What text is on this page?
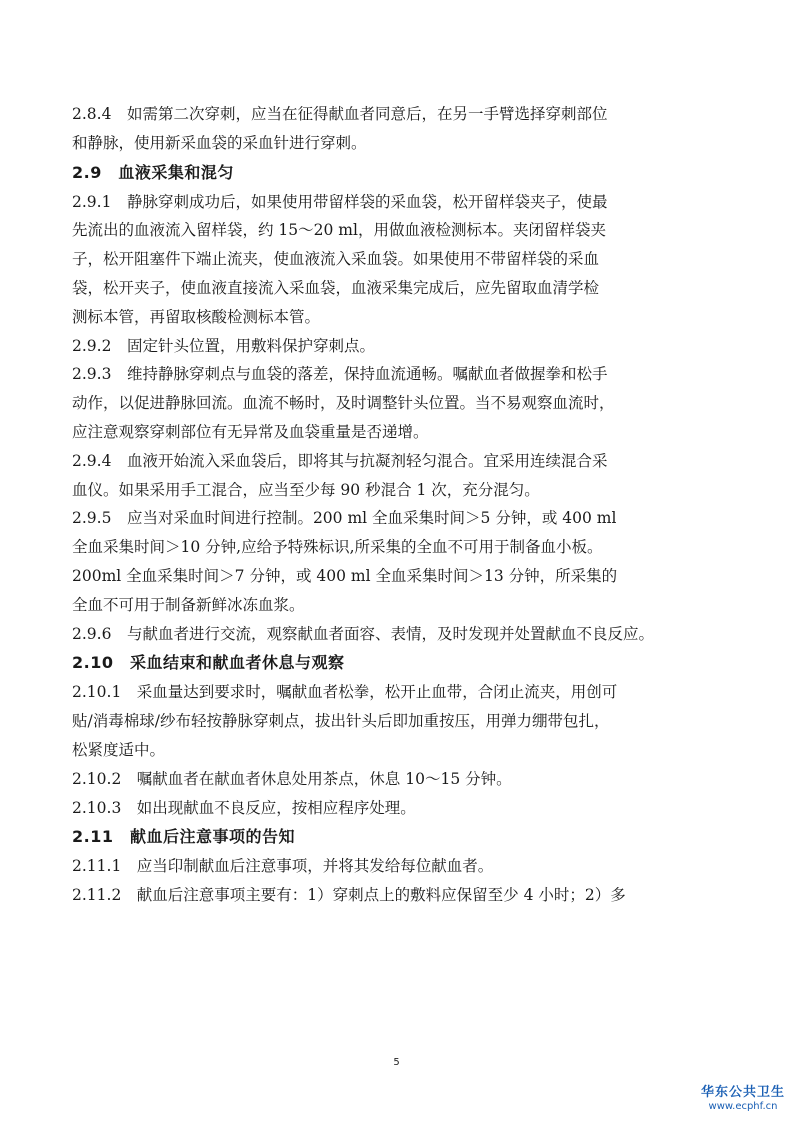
2.8.4　如需第二次穿刺，应当在征得献血者同意后，在另一手臂选择穿刺部位
和静脉，使用新采血袋的采血针进行穿刺。
2.9　血液采集和混匀
2.9.1　静脉穿刺成功后，如果使用带留样袋的采血袋，松开留样袋夹子，使最
先流出的血液流入留样袋，约 15～20 ml，用做血液检测标本。夹闭留样袋夹
子，松开阻塞件下端止流夹，使血液流入采血袋。如果使用不带留样袋的采血
袋，松开夹子，使血液直接流入采血袋，血液采集完成后，应先留取血清学检
测标本管，再留取核酸检测标本管。
2.9.2　固定针头位置，用敷料保护穿刺点。
2.9.3　维持静脉穿刺点与血袋的落差，保持血流通畅。嘱献血者做握拳和松手
动作，以促进静脉回流。血流不畅时，及时调整针头位置。当不易观察血流时，
应注意观察穿刺部位有无异常及血袋重量是否递增。
2.9.4　血液开始流入采血袋后，即将其与抗凝剂轻匀混合。宜采用连续混合采
血仪。如果采用手工混合，应当至少每 90 秒混合 1 次，充分混匀。
2.9.5　应当对采血时间进行控制。200 ml 全血采集时间＞5 分钟，或 400 ml
全血采集时间＞10 分钟,应给予特殊标识,所采集的全血不可用于制备血小板。
200ml 全血采集时间＞7 分钟，或 400 ml 全血采集时间＞13 分钟，所采集的
全血不可用于制备新鲜冰冻血浆。
2.9.6　与献血者进行交流，观察献血者面容、表情，及时发现并处置献血不良反应。
2.10　采血结束和献血者休息与观察
2.10.1　采血量达到要求时，嘱献血者松拳，松开止血带，合闭止流夹，用创可
贴/消毒棉球/纱布轻按静脉穿刺点，拔出针头后即加重按压，用弹力绷带包扎，
松紧度适中。
2.10.2　嘱献血者在献血者休息处用茶点，休息 10～15 分钟。
2.10.3　如出现献血不良反应，按相应程序处理。
2.11　献血后注意事项的告知
2.11.1　应当印制献血后注意事项，并将其发给每位献血者。
2.11.2　献血后注意事项主要有：1）穿刺点上的敷料应保留至少 4 小时；2）多
5
华东公共卫生
www.ecphf.cn
